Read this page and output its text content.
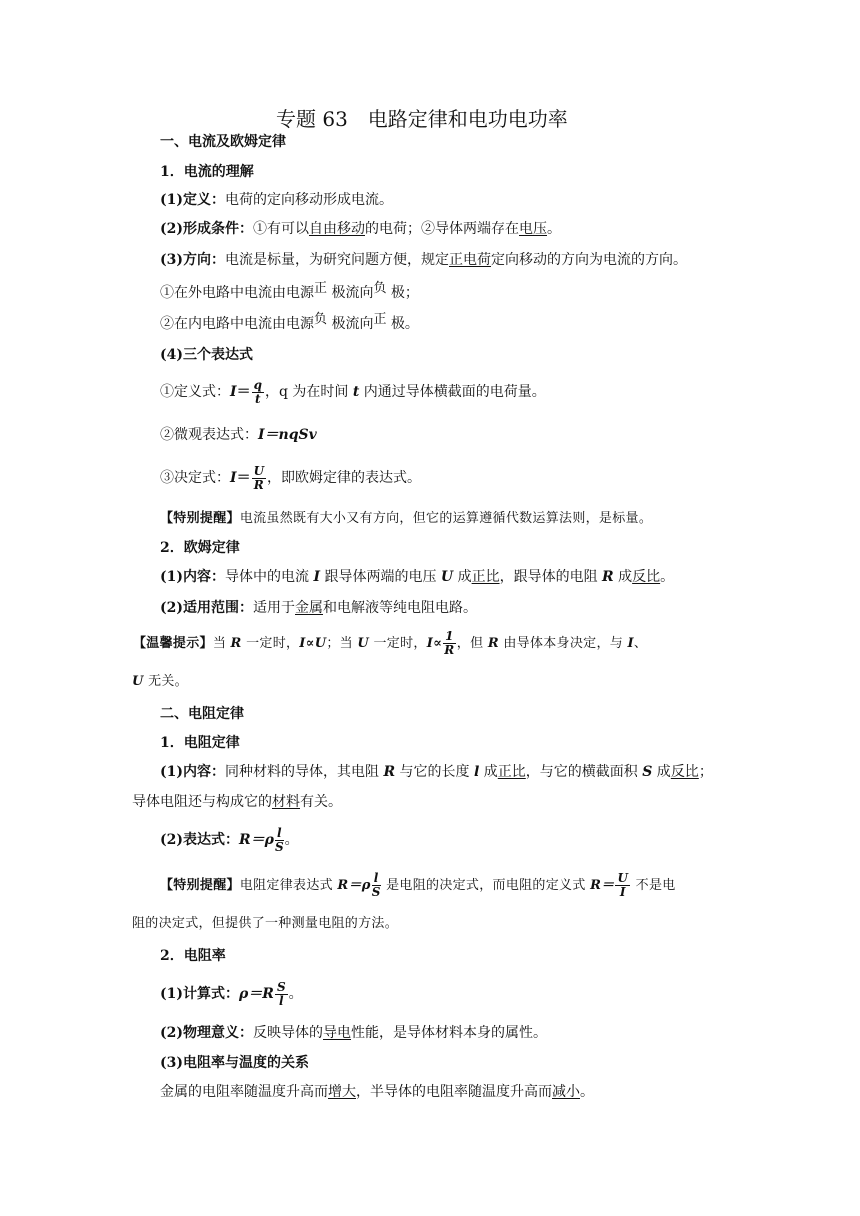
专题 63　电路定律和电功电功率
一、电流及欧姆定律
1．电流的理解
(1)定义：电荷的定向移动形成电流。
(2)形成条件：①有可以自由移动的电荷；②导体两端存在电压。
(3)方向：电流是标量，为研究问题方便，规定正电荷定向移动的方向为电流的方向。
①在外电路中电流由电源正 极流向负 极；
②在内电路中电流由电源负 极流向正 极。
(4)三个表达式
①定义式：$I= \frac{q}{t}$ ，q 为在时间 t 内通过导体横截面的电荷量。
②微观表达式：I＝nqSv
③决定式：$I= \frac{U}{R}$ ，即欧姆定律的表达式。
【特别提醒】电流虽然既有大小又有方向，但它的运算遵循代数运算法则，是标量。
2．欧姆定律
(1)内容：导体中的电流 I 跟导体两端的电压 U 成正比，跟导体的电阻 R 成反比。
(2)适用范围：适用于金属和电解液等纯电阻电路。
【温馨提示】当 R 一定时，I∝U；当 U 一定时，$I\propto \frac{1}{R}$ ，但 R 由导体本身决定，与 I、
U 无关。
二、电阻定律
1．电阻定律
(1)内容：同种材料的导体，其电阻 R 与它的长度 l 成正比，与它的横截面积 S 成反比；
导体电阻还与构成它的材料有关。
(2)表达式：$R=\rho \frac{l}{S}$ 。
【特别提醒】电阻定律表达式 $R=\rho \frac{l}{S}$ 是电阻的决定式，而电阻的定义式 $R= \frac{U}{I}$ 不是电
阻的决定式，但提供了一种测量电阻的方法。
2．电阻率
(1)计算式：$\rho=R \frac{S}{l}$ 。
(2)物理意义：反映导体的导电性能，是导体材料本身的属性。
(3)电阻率与温度的关系
金属的电阻率随温度升高而增大，半导体的电阻率随温度升高而减小。
